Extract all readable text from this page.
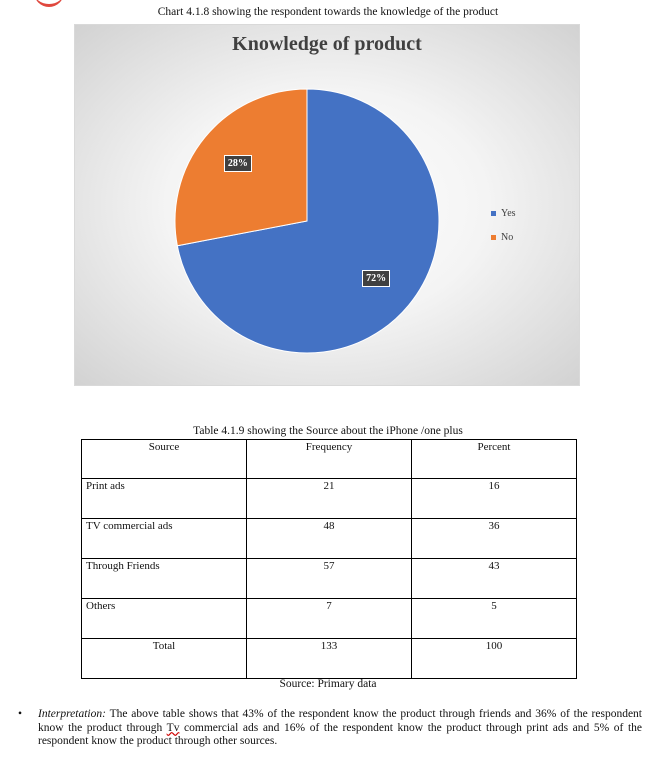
Chart 4.1.8 showing the respondent towards the knowledge of the product
Knowledge of product
72%
28%
Yes
No
Table 4.1.9 showing the Source about the iPhone /one plus
Source	Frequency	Percent
Print ads	21	16
TV commercial ads	48	36
Through Friends	57	43
Others	7	5
Total	133	100
Source: Primary data
• Interpretation: The above table shows that 43% of the respondent know the product through friends and 36% of the respondent know the product through Tv commercial ads and 16% of the respondent know the product through print ads and 5% of the respondent know the product through other sources.
